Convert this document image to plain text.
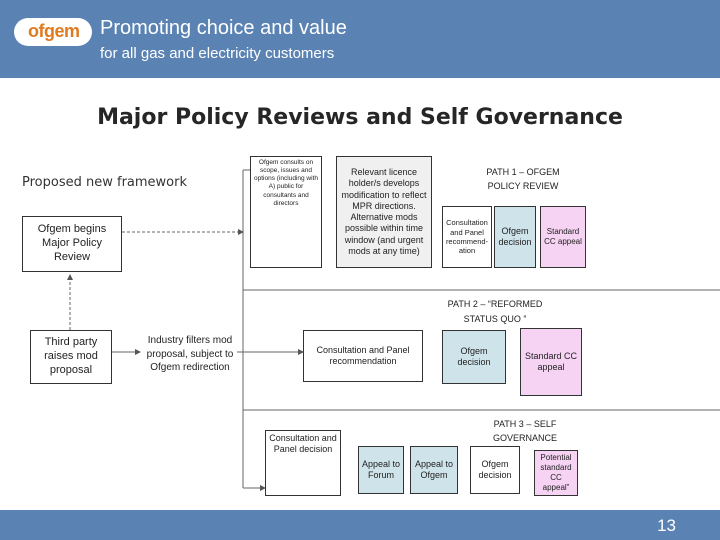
ofgem Promoting choice and value
for all gas and electricity customers
Major Policy Reviews and Self Governance
Proposed new framework
Ofgem begins Major Policy Review
Third party raises mod proposal
Industry filters mod proposal, subject to Ofgem redirection
Ofgem consults on scope, issues and options (including with A) public for consultants and directors
Relevant licence holder/s develops modification to reflect MPR directions. Alternative mods possible within time window (and urgent mods at any time)
PATH 1 – OFGEM
POLICY REVIEW
Consultation and Panel recommend-ation
Ofgem decision
Standard CC appeal
PATH 2 – “REFORMED
STATUS QUO ”
Consultation and Panel recommendation
Ofgem decision
Standard CC appeal
PATH 3 – SELF
GOVERNANCE
Consultation and Panel decision
Appeal to Forum
Appeal to Ofgem
Ofgem decision
Potential standard CC appeal”
13
